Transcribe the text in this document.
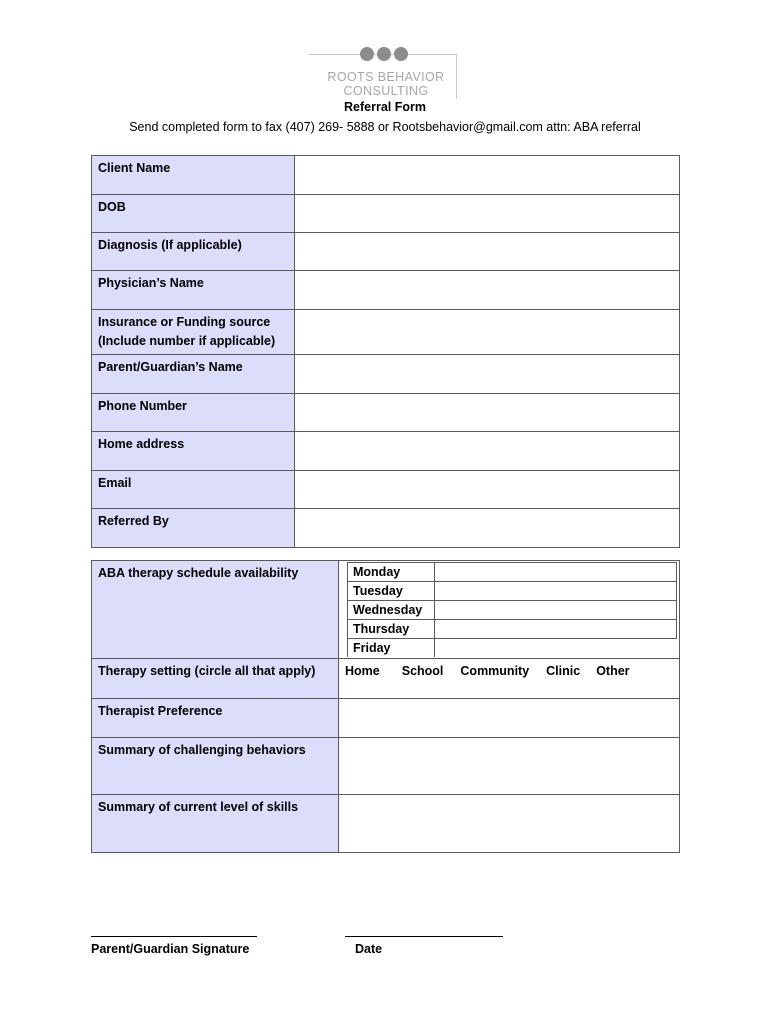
ROOTS BEHAVIOR CONSULTING
Referral Form
Send completed form to fax (407) 269- 5888 or Rootsbehavior@gmail.com attn: ABA referral
Client Name	
DOB	
Diagnosis (If applicable)	
Physician’s Name	
Insurance or Funding source (Include number if applicable)	
Parent/Guardian’s Name	
Phone Number	
Home address	
Email	
Referred By	
ABA therapy schedule availability		Monday	
Tuesday	
Wednesday	
Thursday	
Friday	

Therapy setting (circle all that apply)	Home School Community Clinic Other

Therapist Preference	
Summary of challenging behaviors	
Summary of current level of skills	
Parent/Guardian Signature	Date
